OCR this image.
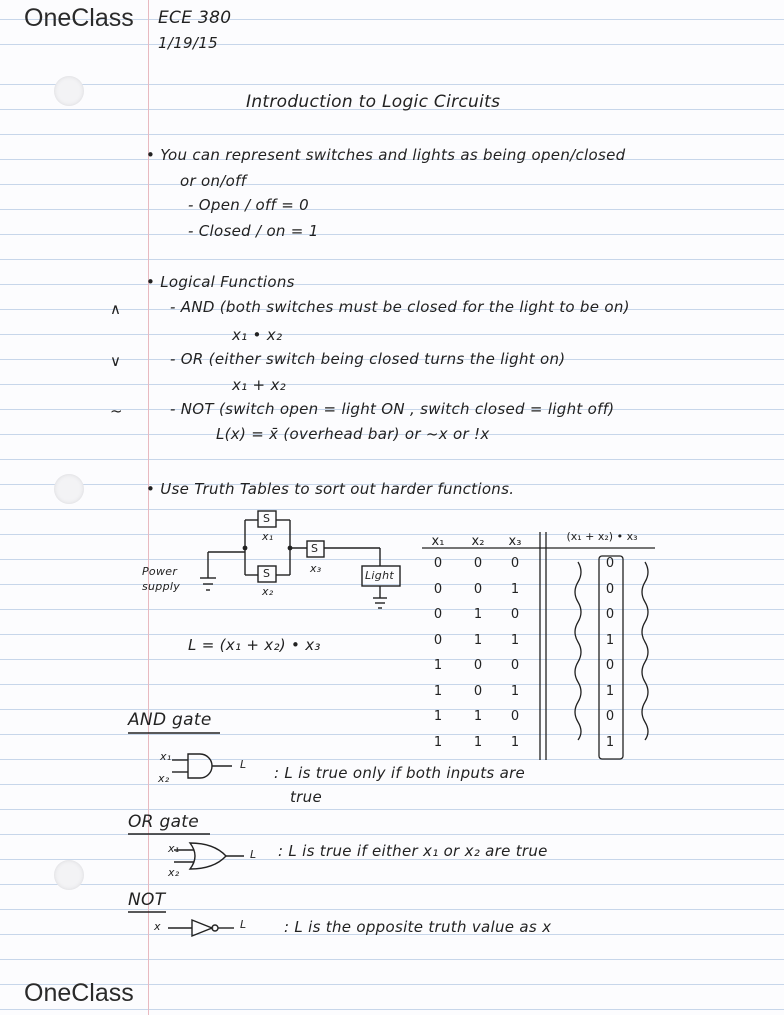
OneClass
OneClass
ECE 380
1/19/15
Introduction to Logic Circuits
• You can represent switches and lights as being open/closed
or on/off
- Open / off = 0
- Closed / on = 1
• Logical Functions
∧	- AND (both switches must be closed for the light to be on)
x₁ • x₂
∨	- OR (either switch being closed turns the light on)
x₁ + x₂
~	- NOT (switch open = light ON , switch closed = light off)
L(x) = x̄ (overhead bar) or ~x or !x
• Use Truth Tables to sort out harder functions.
S
x₁
S
x₂
S
x₃
Light
Power
supply
L = (x₁ + x₂) • x₃
x₁ x₂ x₃	(x₁ + x₂) • x₃
0	0	0	0
0	0	1	0
0	1	0	0
0	1	1	1
1	0	0	0
1	0	1	1
1	1	0	0
1	1	1	1
AND gate
x₁
x₂
L : L is true only if both inputs are
true
OR gate
x₁
x₂
L : L is true if either x₁ or x₂ are true
NOT
x	L	: L is the opposite truth value as x
